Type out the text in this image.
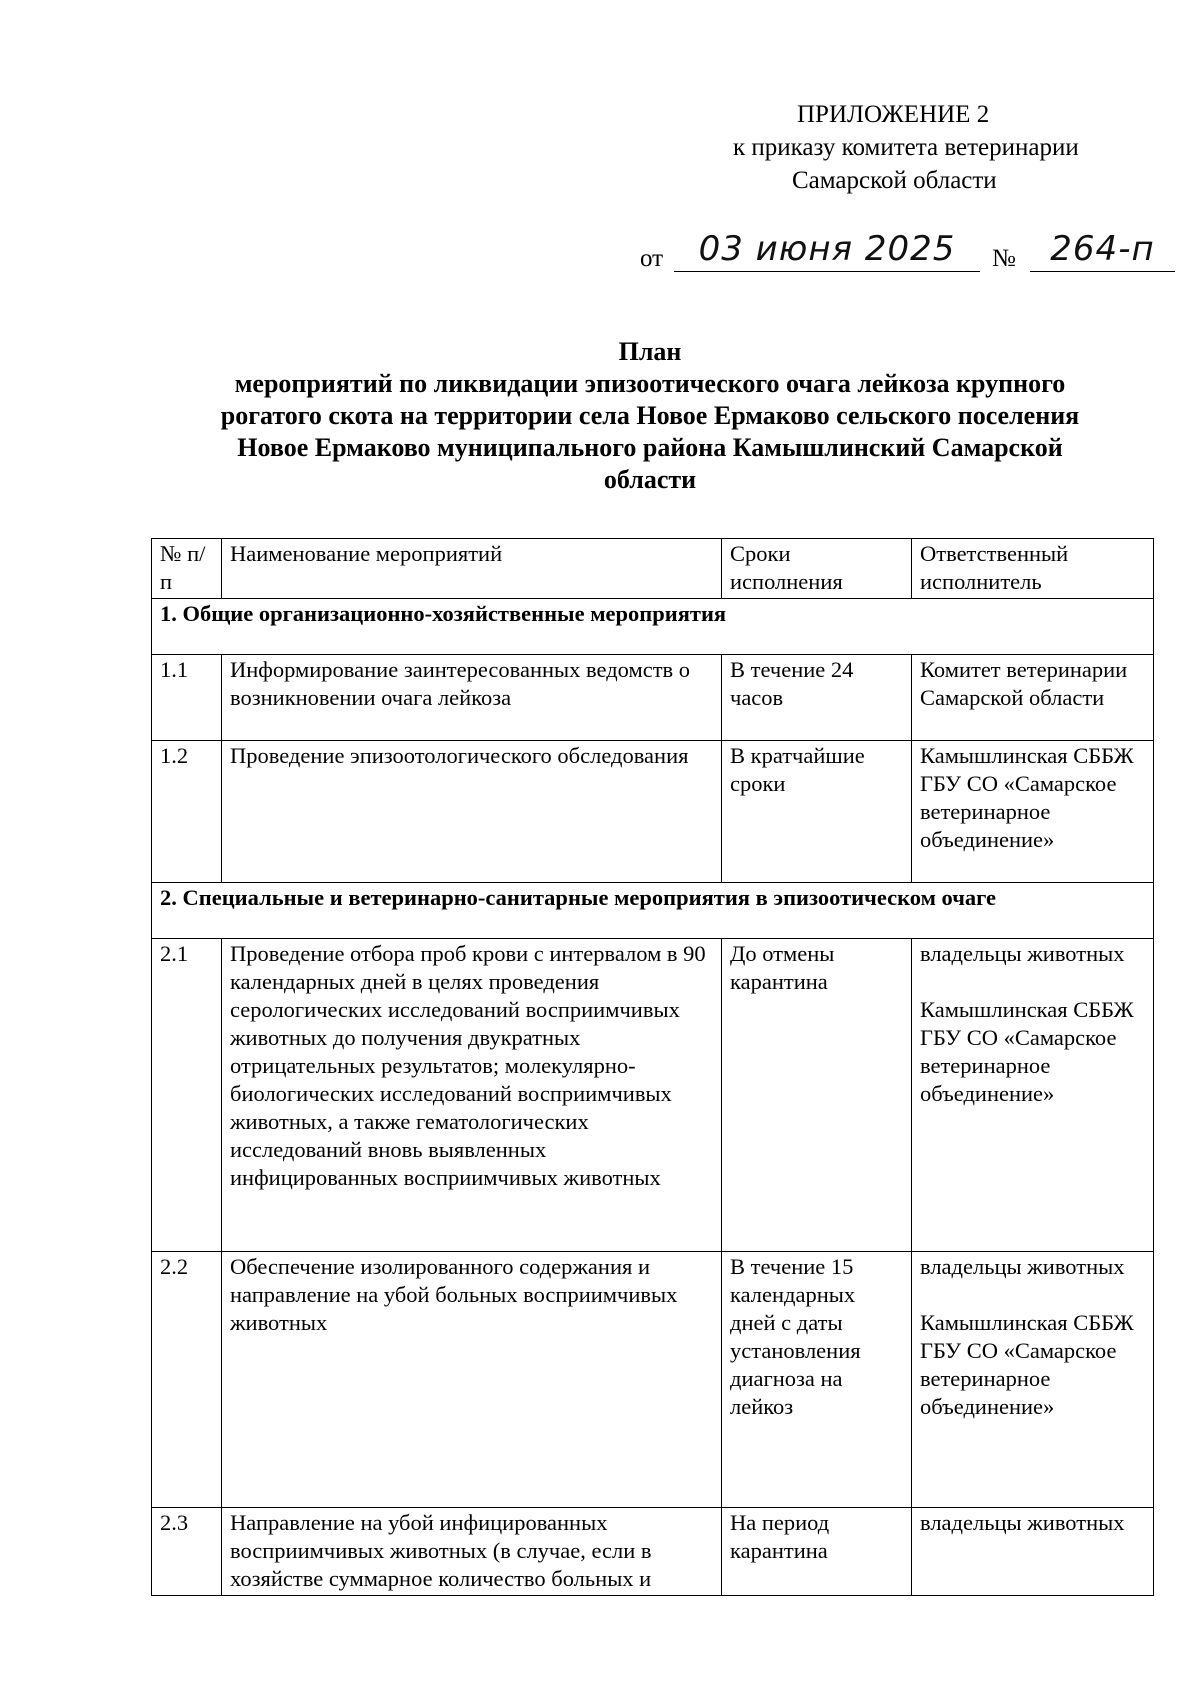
ПРИЛОЖЕНИЕ 2
к приказу комитета ветеринарии
Самарской области
от	03 июня 2025	№	264-п
План
мероприятий по ликвидации эпизоотического очага лейкоза крупного
рогатого скота на территории села Новое Ермаково сельского поселения
Новое Ермаково муниципального района Камышлинский Самарской
области
№ п/п	Наименование мероприятий	Сроки исполнения	Ответственный исполнитель
1. Общие организационно-хозяйственные мероприятия			
1.1	Информирование заинтересованных ведомств о возникновении очага лейкоза	В течение 24 часов	Комитет ветеринарии Самарской области
1.2	Проведение эпизоотологического обследования	В кратчайшие сроки	Камышлинская СББЖ ГБУ СО «Самарское ветеринарное объединение»
2. Специальные и ветеринарно-санитарные мероприятия в эпизоотическом очаге			
2.1	Проведение отбора проб крови с интервалом в 90 календарных дней в целях проведения серологических исследований восприимчивых животных до получения двукратных отрицательных результатов; молекулярно-биологических исследований восприимчивых животных, а также гематологических исследований вновь выявленных инфицированных восприимчивых животных	До отмены карантина	владельцы животных
Камышлинская СББЖ ГБУ СО «Самарское ветеринарное объединение»

2.2	Обеспечение изолированного содержания и направление на убой больных восприимчивых животных	В течение 15 календарных дней с даты установления диагноза на лейкоз	владельцы животных
Камышлинская СББЖ ГБУ СО «Самарское ветеринарное объединение»

2.3	Направление на убой инфицированных восприимчивых животных (в случае, если в хозяйстве суммарное количество больных и	На период карантина	владельцы животных
